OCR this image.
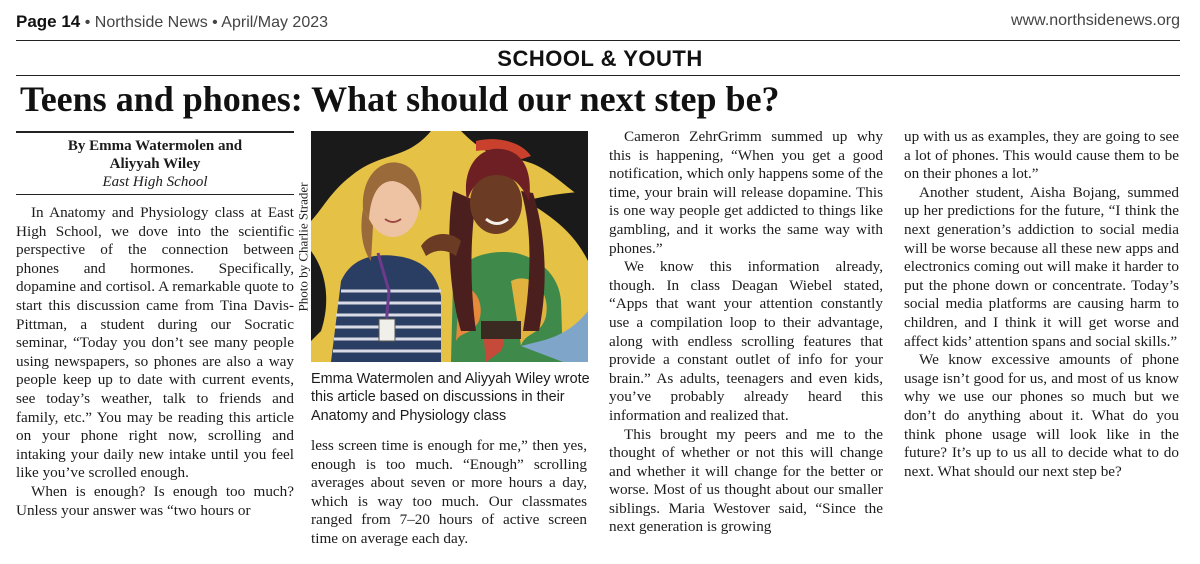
Page 14 • Northside News • April/May 2023	www.northsidenews.org
SCHOOL & YOUTH
Teens and phones: What should our next step be?
By Emma Watermolen and
Aliyyah Wiley
East High School

In Anatomy and Physiology class at East High School, we dove into the scientific perspective of the connection between phones and hormones. Specifically, dopamine and cortisol. A remarkable quote to start this discussion came from Tina Davis-Pittman, a student during our Socratic seminar, “Today you don’t see many people using newspapers, so phones are also a way people keep up to date with current events, see today’s weather, talk to friends and family, etc.” You may be reading this article on your phone right now, scrolling and intaking your daily new intake until you feel like you’ve scrolled enough.

When is enough? Is enough too much? Unless your answer was “two hours or

Photo by Charlie Strader
Emma Watermolen and Aliyyah Wiley wrote this article based on discussions in their Anatomy and Physiology class

less screen time is enough for me,” then yes, enough is too much. “Enough” scrolling averages about seven or more hours a day, which is way too much. Our classmates ranged from 7–20 hours of active screen time on average each day.

Cameron ZehrGrimm summed up why this is happening, “When you get a good notification, which only happens some of the time, your brain will release dopamine. This is one way people get addicted to things like gambling, and it works the same way with phones.”

We know this information already, though. In class Deagan Wiebel stated, “Apps that want your attention constantly use a compilation loop to their advantage, along with endless scrolling features that provide a constant outlet of info for your brain.” As adults, teenagers and even kids, you’ve probably already heard this information and realized that.

This brought my peers and me to the thought of whether or not this will change and whether it will change for the better or worse. Most of us thought about our smaller siblings. Maria Westover said, “Since the next generation is growing

up with us as examples, they are going to see a lot of phones. This would cause them to be on their phones a lot.”

Another student, Aisha Bojang, summed up her predictions for the future, “I think the next generation’s addiction to social media will be worse because all these new apps and electronics coming out will make it harder to put the phone down or concentrate. Today’s social media platforms are causing harm to children, and I think it will get worse and affect kids’ attention spans and social skills.”

We know excessive amounts of phone usage isn’t good for us, and most of us know why we use our phones so much but we don’t do anything about it. What do you think phone usage will look like in the future? It’s up to us all to decide what to do next. What should our next step be?
